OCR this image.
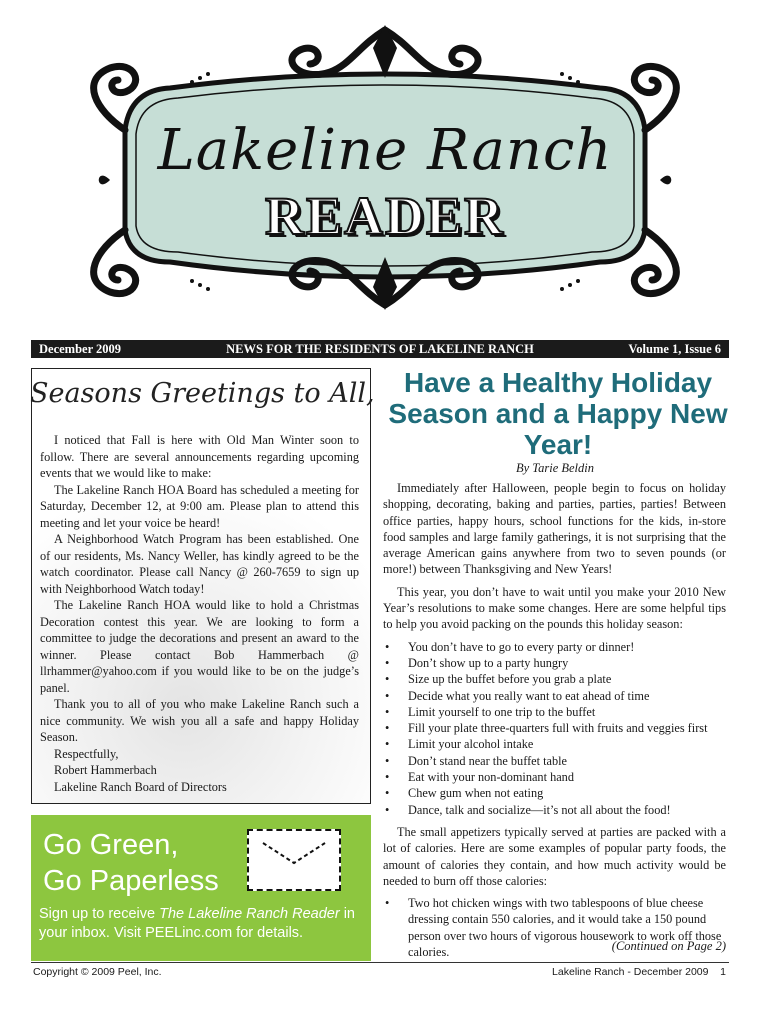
Lakeline Ranch
READER
December 2009	NEWS FOR THE RESIDENTS OF LAKELINE RANCH	Volume 1, Issue 6
Seasons Greetings to All,

I noticed that Fall is here with Old Man Winter soon to follow. There are several announcements regarding upcoming events that we would like to make:

The Lakeline Ranch HOA Board has scheduled a meeting for Saturday, December 12, at 9:00 am. Please plan to attend this meeting and let your voice be heard!

A Neighborhood Watch Program has been established. One of our residents, Ms. Nancy Weller, has kindly agreed to be the watch coordinator. Please call Nancy @ 260-7659 to sign up with Neighborhood Watch today!

The Lakeline Ranch HOA would like to hold a Christmas Decoration contest this year. We are looking to form a committee to judge the decorations and present an award to the winner. Please contact Bob Hammerbach @ llrhammer@yahoo.com if you would like to be on the judge’s panel.

Thank you to all of you who make Lakeline Ranch such a nice community. We wish you all a safe and happy Holiday Season.

Respectfully,

Robert Hammerbach

Lakeline Ranch Board of Directors

Go Green,
Go Paperless
Sign up to receive The Lakeline Ranch Reader in your inbox. Visit PEELinc.com for details.
Have a Healthy Holiday Season and a Happy New Year!
By Tarie Beldin

Immediately after Halloween, people begin to focus on holiday shopping, decorating, baking and parties, parties, parties! Between office parties, happy hours, school functions for the kids, in-store food samples and large family gatherings, it is not surprising that the average American gains anywhere from two to seven pounds (or more!) between Thanksgiving and New Years!

This year, you don’t have to wait until you make your 2010 New Year’s resolutions to make some changes. Here are some helpful tips to help you avoid packing on the pounds this holiday season:

• You don’t have to go to every party or dinner!
• Don’t show up to a party hungry
• Size up the buffet before you grab a plate
• Decide what you really want to eat ahead of time
• Limit yourself to one trip to the buffet
• Fill your plate three-quarters full with fruits and veggies first
• Limit your alcohol intake
• Don’t stand near the buffet table
• Eat with your non-dominant hand
• Chew gum when not eating
• Dance, talk and socialize—it’s not all about the food!

The small appetizers typically served at parties are packed with a lot of calories. Here are some examples of popular party foods, the amount of calories they contain, and how much activity would be needed to burn off those calories:

• Two hot chicken wings with two tablespoons of blue cheese dressing contain 550 calories, and it would take a 150 pound person over two hours of vigorous housework to work off those calories.	(Continued on Page 2)
Copyright © 2009 Peel, Inc.	Lakeline Ranch - December 2009 1
